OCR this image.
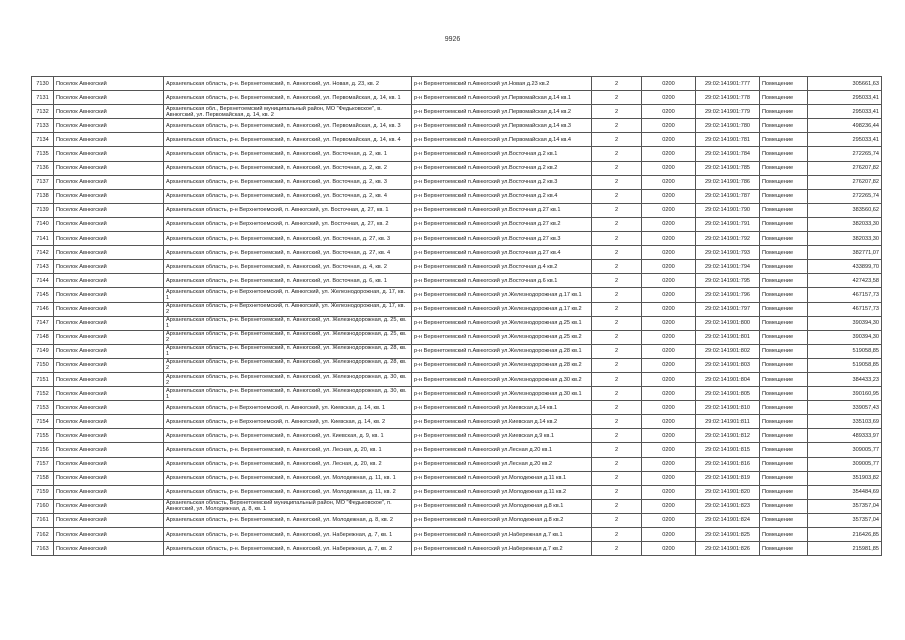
9926
7130	Поселок Авнюгский	Архангельская область, р-н. Верхнетоемский, п. Авнюгский, ул. Новая, д. 23, кв. 2	р-н Верхнетоемский п.Авнюгский ул.Новая д.23 кв.2	2	0200	29:02:141901:777	Помещение	305661,63

7131	Поселок Авнюгский	Архангельская область, р-н. Верхнетоемский, п. Авнюгский, ул. Первомайская, д. 14, кв. 1	р-н Верхнетоемский п.Авнюгский ул.Первомайская д.14 кв.1	2	0200	29:02:141901:778	Помещение	295033,41

7132	Поселок Авнюгский	Архангельская обл., Верхнетоемский муниципальный район, МО "Федьковское", в. Авнюгский, ул. Первомайская, д. 14, кв. 2	р-н Верхнетоемский п.Авнюгский ул.Первомайская д.14 кв.2	2	0200	29:02:141901:779	Помещение	295033,41

7133	Поселок Авнюгский	Архангельская область, р-н. Верхнетоемский, п. Авнюгский, ул. Первомайская, д. 14, кв. 3	р-н Верхнетоемский п.Авнюгский ул.Первомайская д.14 кв.3	2	0200	29:02:141901:780	Помещение	498236,44

7134	Поселок Авнюгский	Архангельская область, р-н. Верхнетоемский, п. Авнюгский, ул. Первомайская, д. 14, кв. 4	р-н Верхнетоемский п.Авнюгский ул.Первомайская д.14 кв.4	2	0200	29:02:141901:781	Помещение	295033,41

7135	Поселок Авнюгский	Архангельская область, р-н. Верхнетоемский, п. Авнюгский, ул. Восточная, д. 2, кв. 1	р-н Верхнетоемский п.Авнюгский ул.Восточная д.2 кв.1	2	0200	29:02:141901:784	Помещение	272265,74

7136	Поселок Авнюгский	Архангельская область, р-н. Верхнетоемский, п. Авнюгский, ул. Восточная, д. 2, кв. 2	р-н Верхнетоемский п.Авнюгский ул.Восточная д.2 кв.2	2	0200	29:02:141901:785	Помещение	276207,82

7137	Поселок Авнюгский	Архангельская область, р-н. Верхнетоемский, п. Авнюгский, ул. Восточная, д. 2, кв. 3	р-н Верхнетоемский п.Авнюгский ул.Восточная д.2 кв.3	2	0200	29:02:141901:786	Помещение	276207,82

7138	Поселок Авнюгский	Архангельская область, р-н. Верхнетоемский, п. Авнюгский, ул. Восточная, д. 2, кв. 4	р-н Верхнетоемский п.Авнюгский ул.Восточная д.2 кв.4	2	0200	29:02:141901:787	Помещение	272265,74

7139	Поселок Авнюгский	Архангельская область, р-н Верхнетоемский, п. Авнюгский, ул. Восточная, д. 27, кв. 1	р-н Верхнетоемский п.Авнюгский ул.Восточная д.27 кв.1	2	0200	29:02:141901:790	Помещение	383560,62

7140	Поселок Авнюгский	Архангельская область, р-н Верхнетоемский, п. Авнюгский, ул. Восточная, д. 27, кв. 2	р-н Верхнетоемский п.Авнюгский ул.Восточная д.27 кв.2	2	0200	29:02:141901:791	Помещение	382033,30

7141	Поселок Авнюгский	Архангельская область, р-н. Верхнетоемский, п. Авнюгский, ул. Восточная, д. 27, кв. 3	р-н Верхнетоемский п.Авнюгский ул.Восточная д.27 кв.3	2	0200	29:02:141901:792	Помещение	382033,30

7142	Поселок Авнюгский	Архангельская область, р-н. Верхнетоемский, п. Авнюгский, ул. Восточная, д. 27, кв. 4	р-н Верхнетоемский п.Авнюгский ул.Восточная д.27 кв.4	2	0200	29:02:141901:793	Помещение	382771,07

7143	Поселок Авнюгский	Архангельская область, р-н. Верхнетоемский, п. Авнюгский, ул. Восточная, д. 4, кв. 2	р-н Верхнетоемский п.Авнюгский ул.Восточная д.4 кв.2	2	0200	29:02:141901:794	Помещение	433899,70

7144	Поселок Авнюгский	Архангельская область, р-н. Верхнетоемский, п. Авнюгский, ул. Восточная, д. 6, кв. 1	р-н Верхнетоемский п.Авнюгский ул.Восточная д.6 кв.1	2	0200	29:02:141901:795	Помещение	427423,58

7145	Поселок Авнюгский	Архангельская область, р-н Верхнетоемский, п. Авнюгский, ул. Железнодорожная, д. 17, кв. 1	р-н Верхнетоемский п.Авнюгский ул.Железнодорожная д.17 кв.1	2	0200	29:02:141901:796	Помещение	467157,73

7146	Поселок Авнюгский	Архангельская область, р-н Верхнетоемский, п. Авнюгский, ул. Железнодорожная, д. 17, кв. 2	р-н Верхнетоемский п.Авнюгский ул.Железнодорожная д.17 кв.2	2	0200	29:02:141901:797	Помещение	467157,73

7147	Поселок Авнюгский	Архангельская область, р-н. Верхнетоемский, п. Авнюгский, ул. Железнодорожная, д. 25, кв. 1	р-н Верхнетоемский п.Авнюгский ул.Железнодорожная д.25 кв.1	2	0200	29:02:141901:800	Помещение	390394,30

7148	Поселок Авнюгский	Архангельская область, р-н. Верхнетоемский, п. Авнюгский, ул. Железнодорожная, д. 25, кв. 2	р-н Верхнетоемский п.Авнюгский ул.Железнодорожная д.25 кв.2	2	0200	29:02:141901:801	Помещение	390394,30

7149	Поселок Авнюгский	Архангельская область, р-н. Верхнетоемский, п. Авнюгский, ул. Железнодорожная, д. 28, кв. 1	р-н Верхнетоемский п.Авнюгский ул.Железнодорожная д.28 кв.1	2	0200	29:02:141901:802	Помещение	519058,85

7150	Поселок Авнюгский	Архангельская область, р-н. Верхнетоемский, п. Авнюгский, ул. Железнодорожная, д. 28, кв. 2	р-н Верхнетоемский п.Авнюгский ул.Железнодорожная д.28 кв.2	2	0200	29:02:141901:803	Помещение	519058,85

7151	Поселок Авнюгский	Архангельская область, р-н. Верхнетоемский, п. Авнюгский, ул. Железнодорожная, д. 30, кв. 2	р-н Верхнетоемский п.Авнюгский ул.Железнодорожная д.30 кв.2	2	0200	29:02:141901:804	Помещение	384433,23

7152	Поселок Авнюгский	Архангельская область, р-н. Верхнетоемский, п. Авнюгский, ул. Железнодорожная, д. 30, кв. 1	р-н Верхнетоемский п.Авнюгский ул.Железнодорожная д.30 кв.1	2	0200	29:02:141901:805	Помещение	390160,95

7153	Поселок Авнюгский	Архангельская область, р-н Верхнетоемский, п. Авнюгский, ул. Киевская, д. 14, кв. 1	р-н Верхнетоемский п.Авнюгский ул.Киевская д.14 кв.1	2	0200	29:02:141901:810	Помещение	339057,43

7154	Поселок Авнюгский	Архангельская область, р-н Верхнетоемский, п. Авнюгский, ул. Киевская, д. 14, кв. 2	р-н Верхнетоемский п.Авнюгский ул.Киевская д.14 кв.2	2	0200	29:02:141901:811	Помещение	335103,69

7155	Поселок Авнюгский	Архангельская область, р-н. Верхнетоемский, п. Авнюгский, ул. Киевская, д. 9, кв. 1	р-н Верхнетоемский п.Авнюгский ул.Киевская д.9 кв.1	2	0200	29:02:141901:812	Помещение	489333,97

7156	Поселок Авнюгский	Архангельская область, р-н. Верхнетоемский, п. Авнюгский, ул. Лесная, д. 20, кв. 1	р-н Верхнетоемский п.Авнюгский ул.Лесная д.20 кв.1	2	0200	29:02:141901:815	Помещение	309005,77

7157	Поселок Авнюгский	Архангельская область, р-н. Верхнетоемский, п. Авнюгский, ул. Лесная, д. 20, кв. 2	р-н Верхнетоемский п.Авнюгский ул.Лесная д.20 кв.2	2	0200	29:02:141901:816	Помещение	309005,77

7158	Поселок Авнюгский	Архангельская область, р-н. Верхнетоемский, п. Авнюгский, ул. Молодежная, д. 11, кв. 1	р-н Верхнетоемский п.Авнюгский ул.Молодежная д.11 кв.1	2	0200	29:02:141901:819	Помещение	351903,82

7159	Поселок Авнюгский	Архангельская область, р-н. Верхнетоемский, п. Авнюгский, ул. Молодежная, д. 11, кв. 2	р-н Верхнетоемский п.Авнюгский ул.Молодежная д.11 кв.2	2	0200	29:02:141901:820	Помещение	354484,69

7160	Поселок Авнюгский	Архангельская область, Верхнетоемский муниципальный район, МО "Федьковское", п. Авнюгский, ул. Молодежная, д. 8, кв. 1	р-н Верхнетоемский п.Авнюгский ул.Молодежная д.8 кв.1	2	0200	29:02:141901:823	Помещение	357357,04

7161	Поселок Авнюгский	Архангельская область, р-н. Верхнетоемский, п. Авнюгский, ул. Молодежная, д. 8, кв. 2	р-н Верхнетоемский п.Авнюгский ул.Молодежная д.8 кв.2	2	0200	29:02:141901:824	Помещение	357357,04

7162	Поселок Авнюгский	Архангельская область, р-н. Верхнетоемский, п. Авнюгский, ул. Набережная, д. 7, кв. 1	р-н Верхнетоемский п.Авнюгский ул.Набережная д.7 кв.1	2	0200	29:02:141901:825	Помещение	216426,85

7163	Поселок Авнюгский	Архангельская область, р-н. Верхнетоемский, п. Авнюгский, ул. Набережная, д. 7, кв. 2	р-н Верхнетоемский п.Авнюгский ул.Набережная д.7 кв.2	2	0200	29:02:141901:826	Помещение	215981,85
